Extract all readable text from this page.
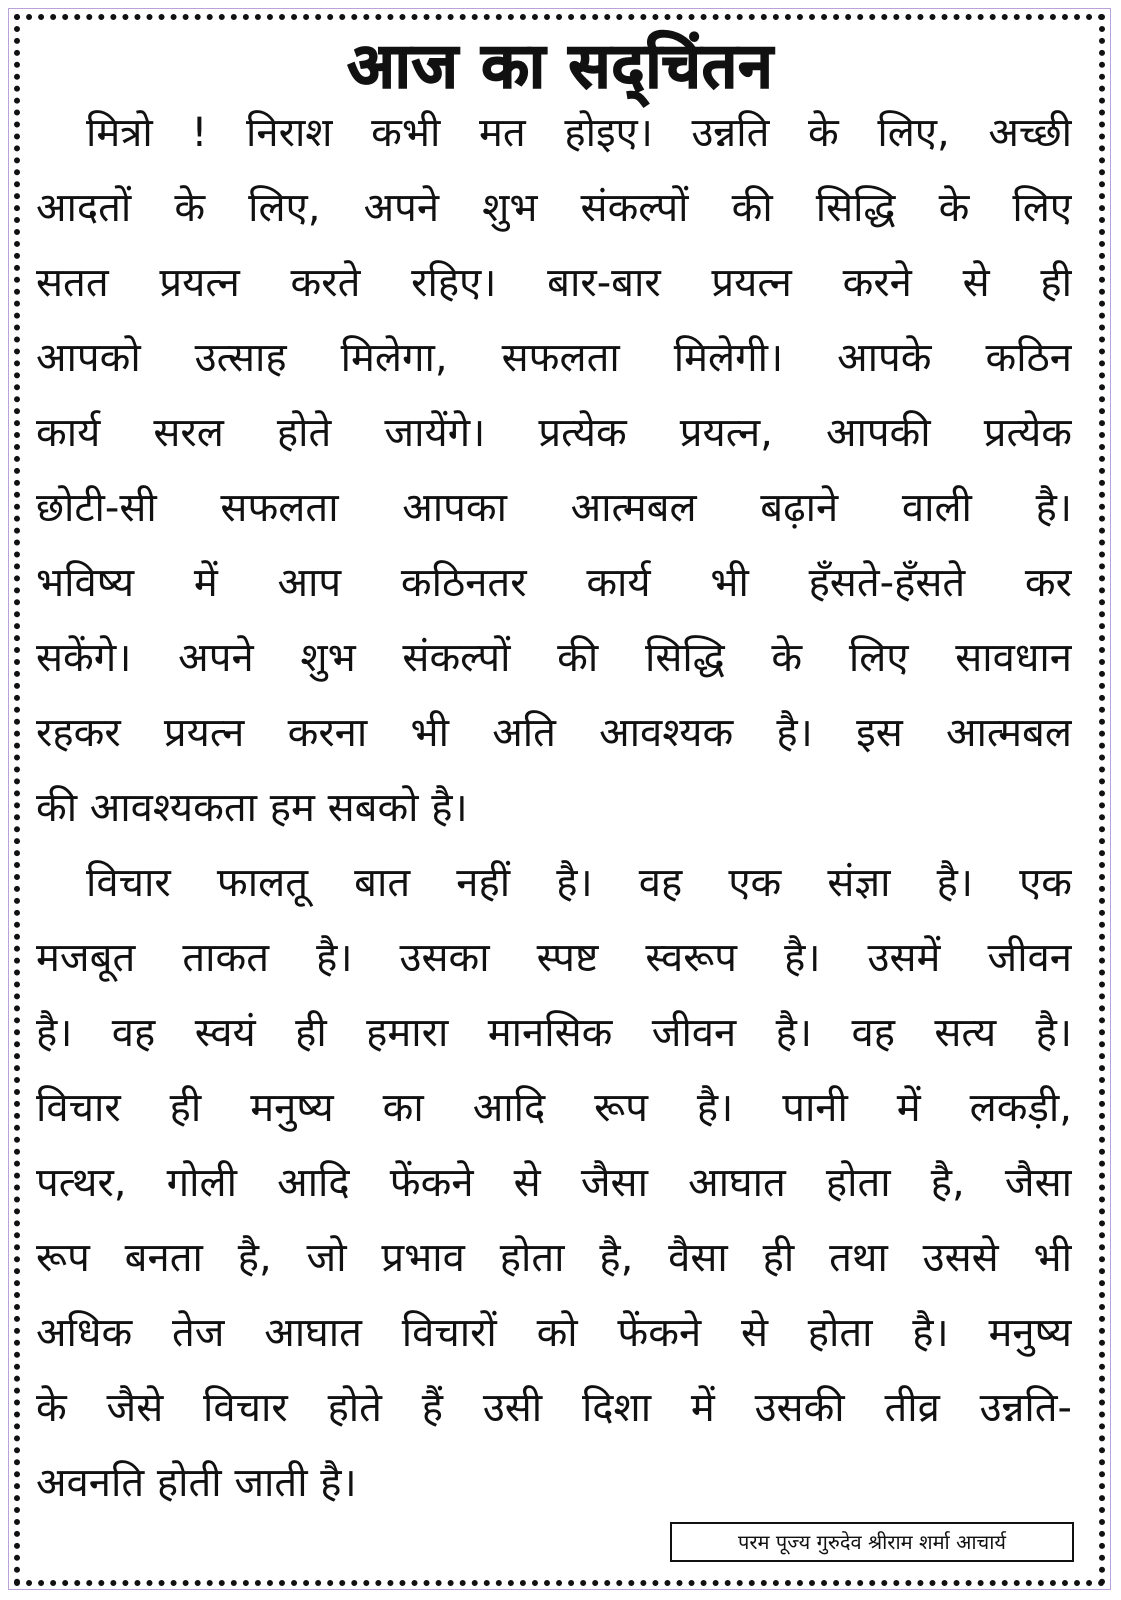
आज का सद्चिंतन
मित्रो ! निराश कभी मत होइए। उन्नति के लिए, अच्छी
आदतों के लिए, अपने शुभ संकल्पों की सिद्धि के लिए
सतत प्रयत्न करते रहिए। बार-बार प्रयत्न करने से ही
आपको उत्साह मिलेगा, सफलता मिलेगी। आपके कठिन
कार्य सरल होते जायेंगे। प्रत्येक प्रयत्न, आपकी प्रत्येक
छोटी-सी सफलता आपका आत्मबल बढ़ाने वाली है।
भविष्य में आप कठिनतर कार्य भी हँसते-हँसते कर
सकेंगे। अपने शुभ संकल्पों की सिद्धि के लिए सावधान
रहकर प्रयत्न करना भी अति आवश्यक है। इस आत्मबल
की आवश्यकता हम सबको है।
विचार फालतू बात नहीं है। वह एक संज्ञा है। एक
मजबूत ताकत है। उसका स्पष्ट स्वरूप है। उसमें जीवन
है। वह स्वयं ही हमारा मानसिक जीवन है। वह सत्य है।
विचार ही मनुष्य का आदि रूप है। पानी में लकड़ी,
पत्थर, गोली आदि फेंकने से जैसा आघात होता है, जैसा
रूप बनता है, जो प्रभाव होता है, वैसा ही तथा उससे भी
अधिक तेज आघात विचारों को फेंकने से होता है। मनुष्य
के जैसे विचार होते हैं उसी दिशा में उसकी तीव्र उन्नति-
अवनति होती जाती है।
परम पूज्य गुरुदेव श्रीराम शर्मा आचार्य
